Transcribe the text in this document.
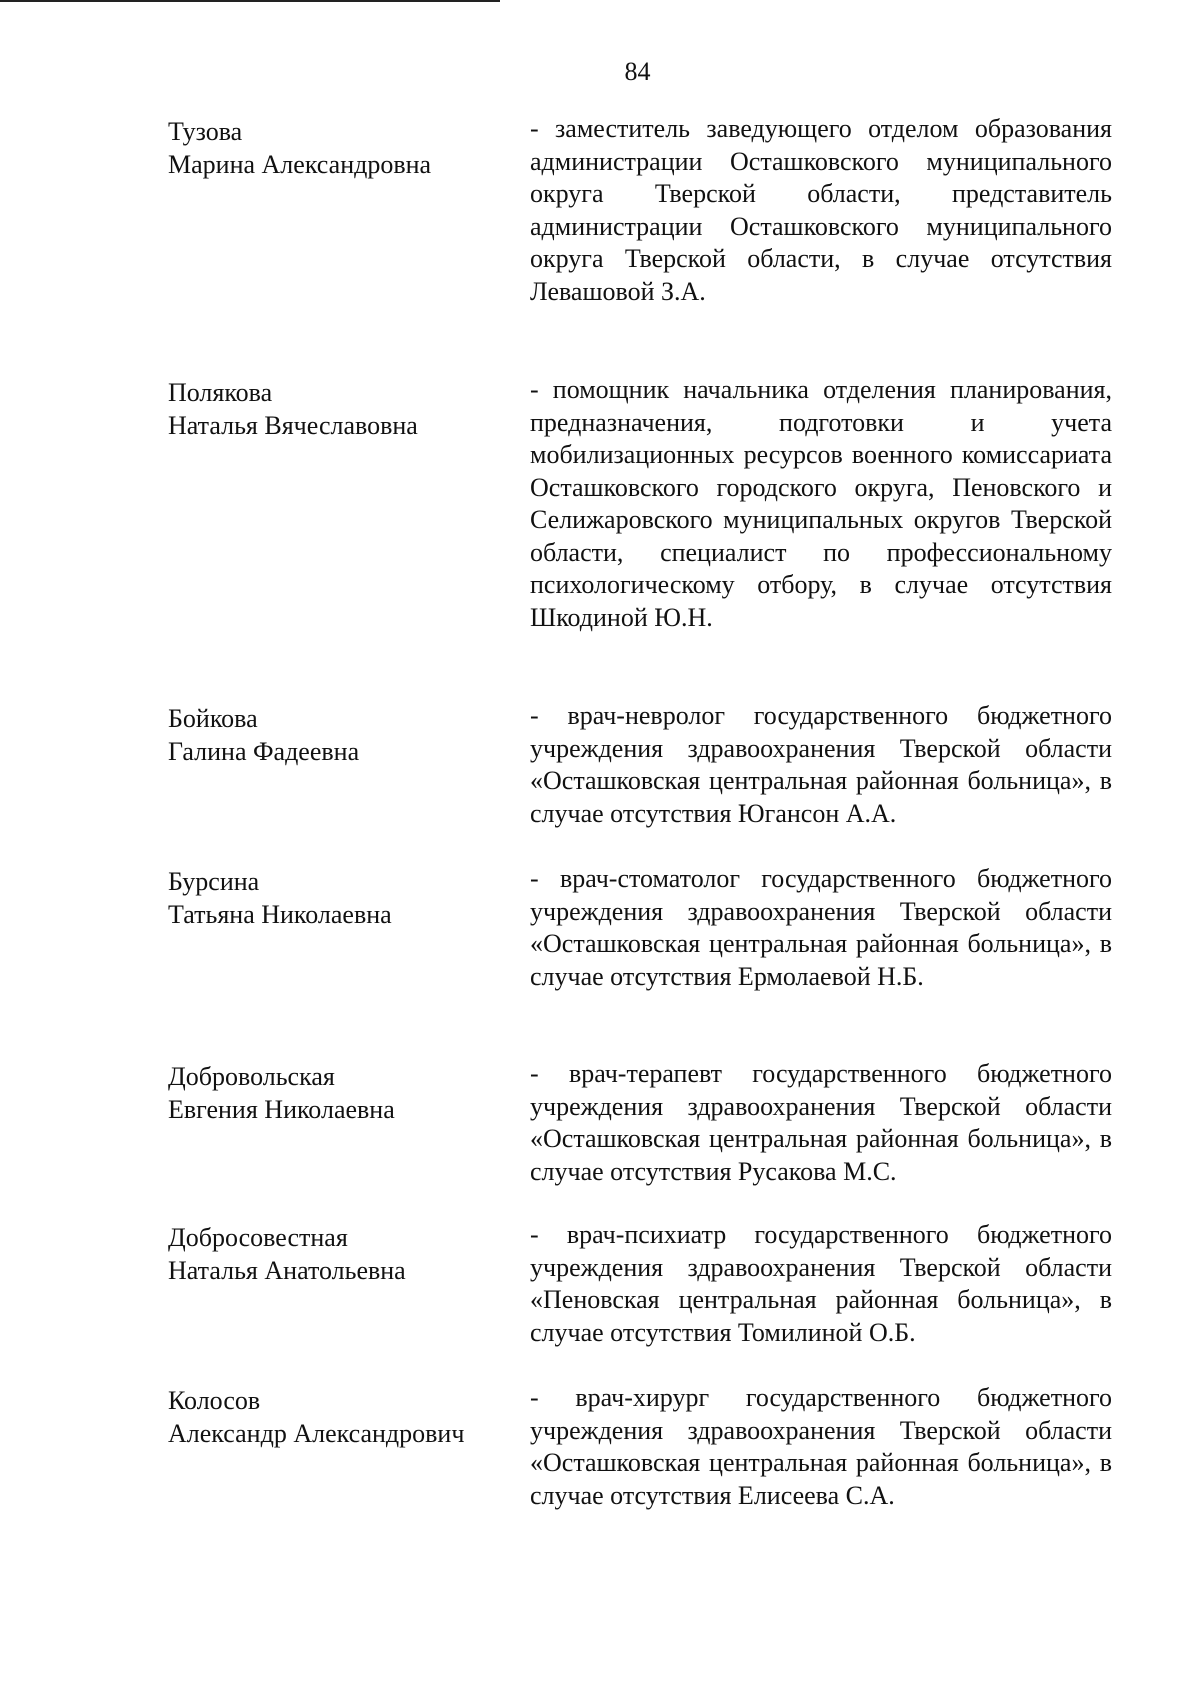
84
Тузова
Марина Александровна
- заместитель заведующего отделом образования администрации Осташковского муниципального округа Тверской области, представитель администрации Осташковского муниципального округа Тверской области, в случае отсутствия Левашовой З.А.
Полякова
Наталья Вячеславовна
- помощник начальника отделения планирования, предназначения, подготовки и учета мобилизационных ресурсов военного комиссариата Осташковского городского округа, Пеновского и Селижаровского муниципальных округов Тверской области, специалист по профессиональному психологическому отбору, в случае отсутствия Шкодиной Ю.Н.
Бойкова
Галина Фадеевна
- врач-невролог государственного бюджетного учреждения здравоохранения Тверской области «Осташковская центральная районная больница», в случае отсутствия Югансон А.А.
Бурсина
Татьяна Николаевна
- врач-стоматолог государственного бюджетного учреждения здравоохранения Тверской области «Осташковская центральная районная больница», в случае отсутствия Ермолаевой Н.Б.
Добровольская
Евгения Николаевна
- врач-терапевт государственного бюджетного учреждения здравоохранения Тверской области «Осташковская центральная районная больница», в случае отсутствия Русакова М.С.
Добросовестная
Наталья Анатольевна
- врач-психиатр государственного бюджетного учреждения здравоохранения Тверской области «Пеновская центральная районная больница», в случае отсутствия Томилиной О.Б.
Колосов
Александр Александрович
- врач-хирург государственного бюджетного учреждения здравоохранения Тверской области «Осташковская центральная районная больница», в случае отсутствия Елисеева С.А.
